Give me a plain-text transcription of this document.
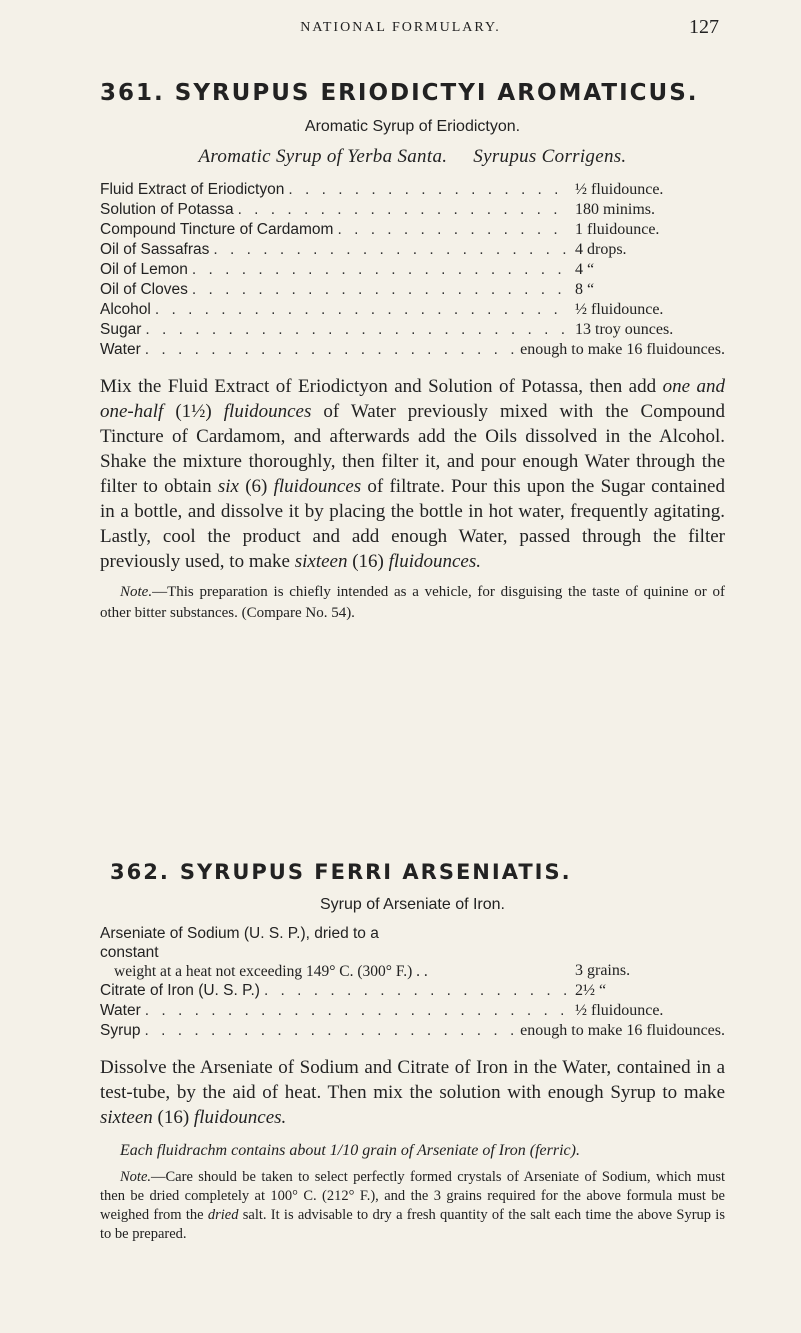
NATIONAL FORMULARY.	127
361. SYRUPUS ERIODICTYI AROMATICUS.
Aromatic Syrup of Eriodictyon.
Aromatic Syrup of Yerba Santa. Syrupus Corrigens.
Fluid Extract of Eriodictyon . . .	½ fluidounce.
Solution of Potassa . . .	180 minims.
Compound Tincture of Cardamom . . .	1 fluidounce.
Oil of Sassafras . . .	4 drops.
Oil of Lemon . . .	4 “
Oil of Cloves . . .	8 “
Alcohol . . .	½ fluidounce.
Sugar . . .	13 troy ounces.
Water . . .	enough to make 16 fluidounces.

Mix the Fluid Extract of Eriodictyon and Solution of Potassa, then add one and one-half (1½) fluidounces of Water previously mixed with the Compound Tincture of Cardamom, and afterwards add the Oils dissolved in the Alcohol. Shake the mixture thoroughly, then filter it, and pour enough Water through the filter to obtain six (6) fluidounces of filtrate. Pour this upon the Sugar contained in a bottle, and dissolve it by placing the bottle in hot water, frequently agitating. Lastly, cool the product and add enough Water, passed through the filter previously used, to make sixteen (16) fluidounces.

Note.—This preparation is chiefly intended as a vehicle, for disguising the taste of quinine or of other bitter substances. (Compare No. 54).

362. SYRUPUS FERRI ARSENIATIS.
Syrup of Arseniate of Iron.
Arseniate of Sodium (U. S. P.), dried to a constant
weight at a heat not exceeding 149° C. (300° F.) . .	3 grains.
Citrate of Iron (U. S. P.) . . .	2½ “
Water . . .	½ fluidounce.
Syrup . . .	enough to make 16 fluidounces.

Dissolve the Arseniate of Sodium and Citrate of Iron in the Water, contained in a test-tube, by the aid of heat. Then mix the solution with enough Syrup to make sixteen (16) fluidounces.

Each fluidrachm contains about 1/10 grain of Arseniate of Iron (ferric).

Note.—Care should be taken to select perfectly formed crystals of Arseniate of Sodium, which must then be dried completely at 100° C. (212° F.), and the 3 grains required for the above formula must be weighed from the dried salt. It is advisable to dry a fresh quantity of the salt each time the above Syrup is to be prepared.
